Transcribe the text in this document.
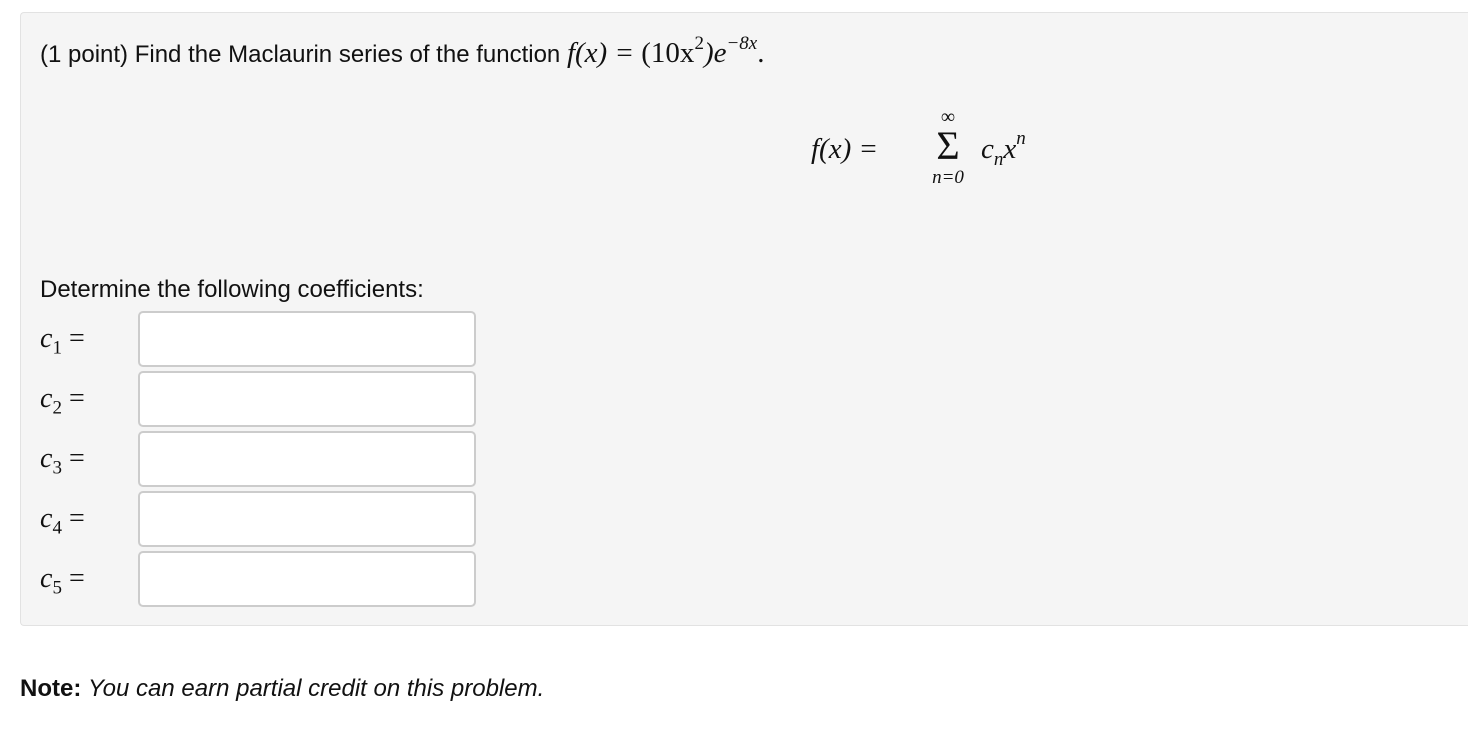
(1 point) Find the Maclaurin series of the function $f(x) = (10x^2)e^{-8x}$.
f(x) =
∞
Σ
n=0
$c_nx^n$
Determine the following coefficients:
$c_1$ =
$c_2$ =
$c_3$ =
$c_4$ =
$c_5$ =
Note: You can earn partial credit on this problem.
